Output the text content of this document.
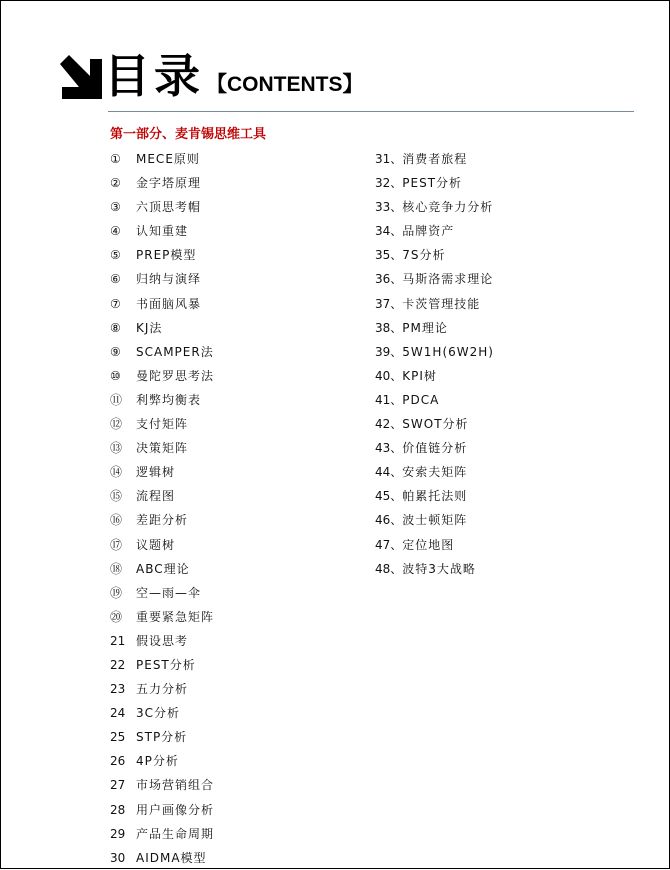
目录 【CONTENTS】
第一部分、麦肯锡思维工具
① MECE原则
② 金字塔原理
③ 六顶思考帽
④ 认知重建
⑤ PREP模型
⑥ 归纳与演绎
⑦ 书面脑风暴
⑧ KJ法
⑨ SCAMPER法
⑩ 曼陀罗思考法
⑪ 利弊均衡表
⑫ 支付矩阵
⑬ 决策矩阵
⑭ 逻辑树
⑮ 流程图
⑯ 差距分析
⑰ 议题树
⑱ ABC理论
⑲ 空—雨—伞
⑳ 重要紧急矩阵
21 假设思考
22 PEST分析
23 五力分析
24 3C分析
25 STP分析
26 4P分析
27 市场营销组合
28 用户画像分析
29 产品生命周期
30 AIDMA模型
31、消费者旅程
32、PEST分析
33、核心竞争力分析
34、品牌资产
35、7S分析
36、马斯洛需求理论
37、卡茨管理技能
38、PM理论
39、5W1H(6W2H)
40、KPI树
41、PDCA
42、SWOT分析
43、价值链分析
44、安索夫矩阵
45、帕累托法则
46、波士顿矩阵
47、定位地图
48、波特3大战略
